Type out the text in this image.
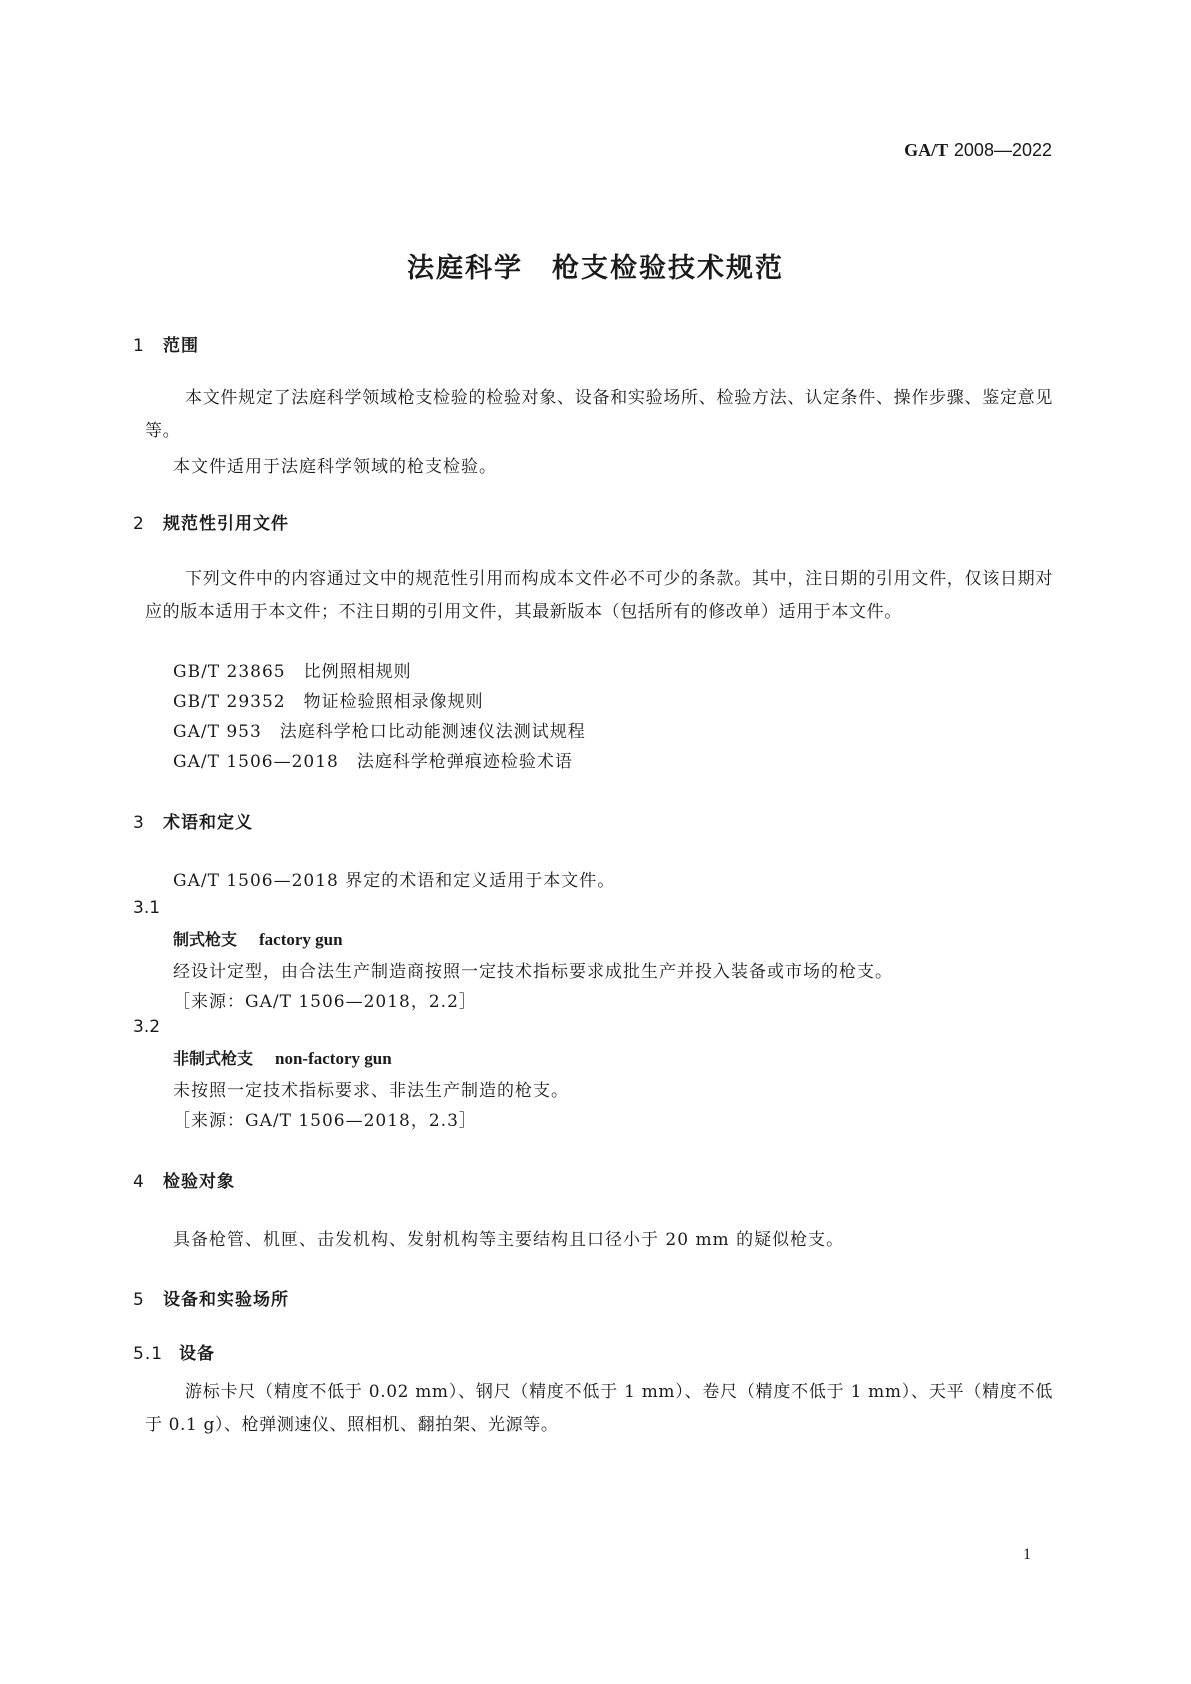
GA/T 2008—2022
法庭科学　枪支检验技术规范
1 范围
本文件规定了法庭科学领域枪支检验的检验对象、设备和实验场所、检验方法、认定条件、操作步骤、鉴定意见等。
本文件适用于法庭科学领域的枪支检验。
2 规范性引用文件
下列文件中的内容通过文中的规范性引用而构成本文件必不可少的条款。其中，注日期的引用文件，仅该日期对应的版本适用于本文件；不注日期的引用文件，其最新版本（包括所有的修改单）适用于本文件。
GB/T 23865 比例照相规则
GB/T 29352 物证检验照相录像规则
GA/T 953 法庭科学枪口比动能测速仪法测试规程
GA/T 1506—2018 法庭科学枪弹痕迹检验术语
3 术语和定义
GA/T 1506—2018 界定的术语和定义适用于本文件。
3.1
制式枪支 factory gun
经设计定型，由合法生产制造商按照一定技术指标要求成批生产并投入装备或市场的枪支。
［来源：GA/T 1506—2018，2.2］
3.2
非制式枪支 non-factory gun
未按照一定技术指标要求、非法生产制造的枪支。
［来源：GA/T 1506—2018，2.3］
4 检验对象
具备枪管、机匣、击发机构、发射机构等主要结构且口径小于 20 mm 的疑似枪支。
5 设备和实验场所
5.1 设备
游标卡尺（精度不低于 0.02 mm）、钢尺（精度不低于 1 mm）、卷尺（精度不低于 1 mm）、天平（精度不低于 0.1 g）、枪弹测速仪、照相机、翻拍架、光源等。
1
